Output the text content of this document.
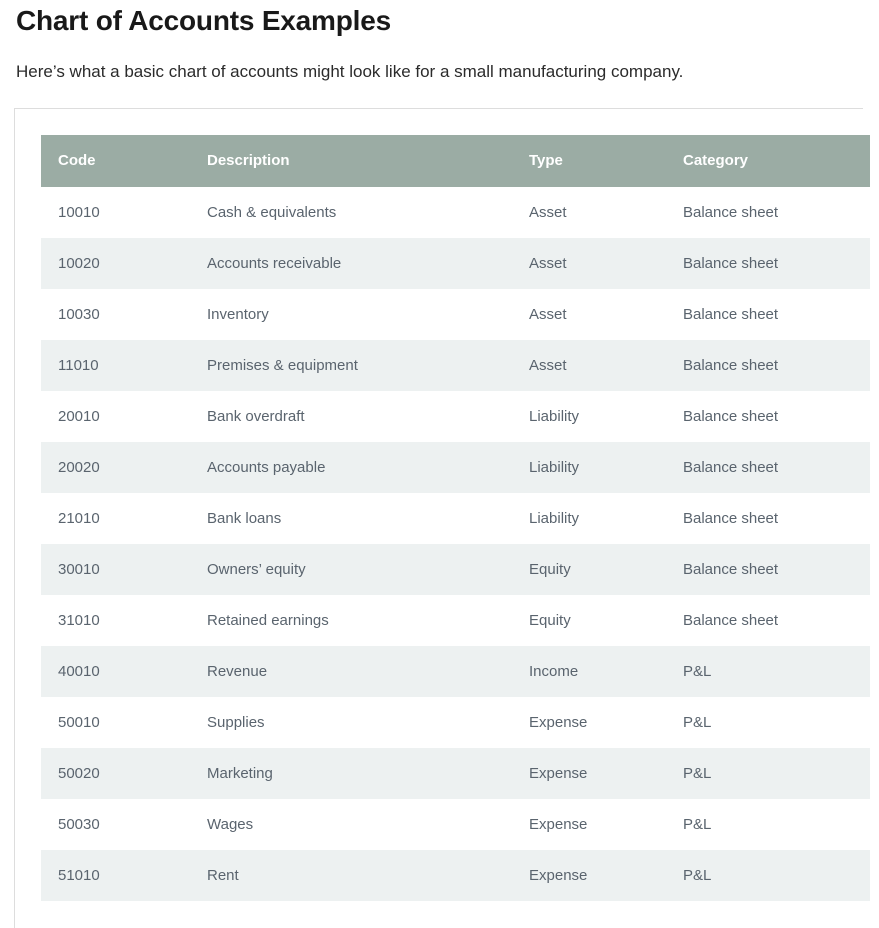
Chart of Accounts Examples

Here’s what a basic chart of accounts might look like for a small manufacturing company.

Code	Description	Type	Category
10010	Cash & equivalents	Asset	Balance sheet
10020	Accounts receivable	Asset	Balance sheet
10030	Inventory	Asset	Balance sheet
11010	Premises & equipment	Asset	Balance sheet
20010	Bank overdraft	Liability	Balance sheet
20020	Accounts payable	Liability	Balance sheet
21010	Bank loans	Liability	Balance sheet
30010	Owners’ equity	Equity	Balance sheet
31010	Retained earnings	Equity	Balance sheet
40010	Revenue	Income	P&L
50010	Supplies	Expense	P&L
50020	Marketing	Expense	P&L
50030	Wages	Expense	P&L
51010	Rent	Expense	P&L
